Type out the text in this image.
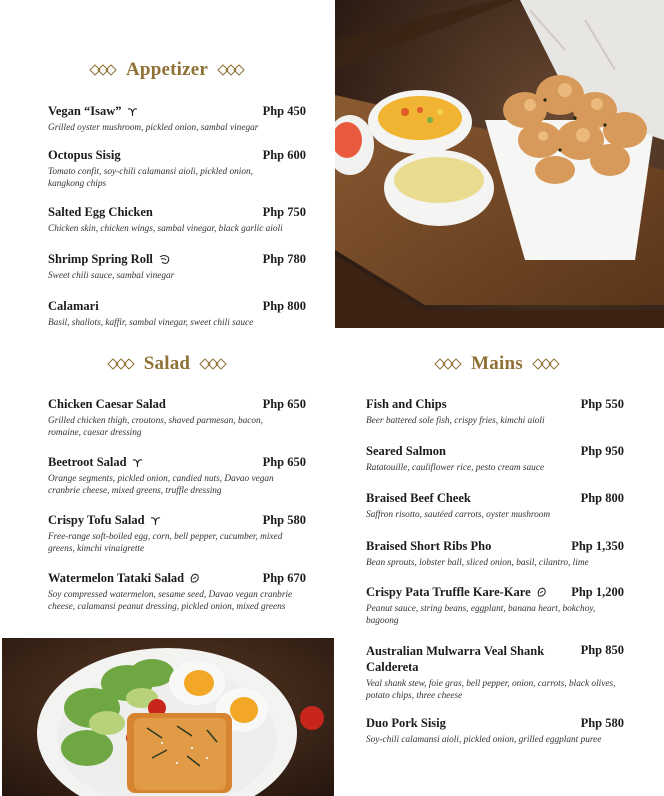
Appetizer
Salad	Mains
Vegan “Isaw”	Php 450
Grilled oyster mushroom, pickled onion, sambal vinegar
Octopus Sisig	Php 600
Tomato confit, soy-chili calamansi aioli, pickled onion, kangkong chips
Salted Egg Chicken	Php 750
Chicken skin, chicken wings, sambal vinegar, black garlic aioli
Shrimp Spring Roll	Php 780
Sweet chili sauce, sambal vinegar
Calamari	Php 800
Basil, shallots, kaffir, sambal vinegar, sweet chili sauce
Chicken Caesar Salad	Php 650
Grilled chicken thigh, croutons, shaved parmesan, bacon, romaine, caesar dressing
Beetroot Salad	Php 650
Orange segments, pickled onion, candied nuts, Davao vegan cranbrie cheese, mixed greens, truffle dressing
Crispy Tofu Salad	Php 580
Free-range soft-boiled egg, corn, bell pepper, cucumber, mixed greens, kimchi vinaigrette
Watermelon Tataki Salad	Php 670
Soy compressed watermelon, sesame seed, Davao vegan cranbrie cheese, calamansi peanut dressing, pickled onion, mixed greens
Fish and Chips	Php 550
Beer battered sole fish, crispy fries, kimchi aioli
Seared Salmon	Php 950
Ratatouille, cauliflower rice, pesto cream sauce
Braised Beef Cheek	Php 800
Saffron risotto, sautéed carrots, oyster mushroom
Braised Short Ribs Pho	Php 1,350
Bean sprouts, lobster ball, sliced onion, basil, cilantro, lime
Crispy Pata Truffle Kare-Kare	Php 1,200
Peanut sauce, string beans, eggplant, banana heart, bokchoy, bagoong
Australian Mulwarra Veal Shank Caldereta
Php 850
Veal shank stew, foie gras, bell pepper, onion, carrots, black olives, potato chips, three cheese
Duo Pork Sisig	Php 580
Soy-chili calamansi aioli, pickled onion, grilled eggplant puree
